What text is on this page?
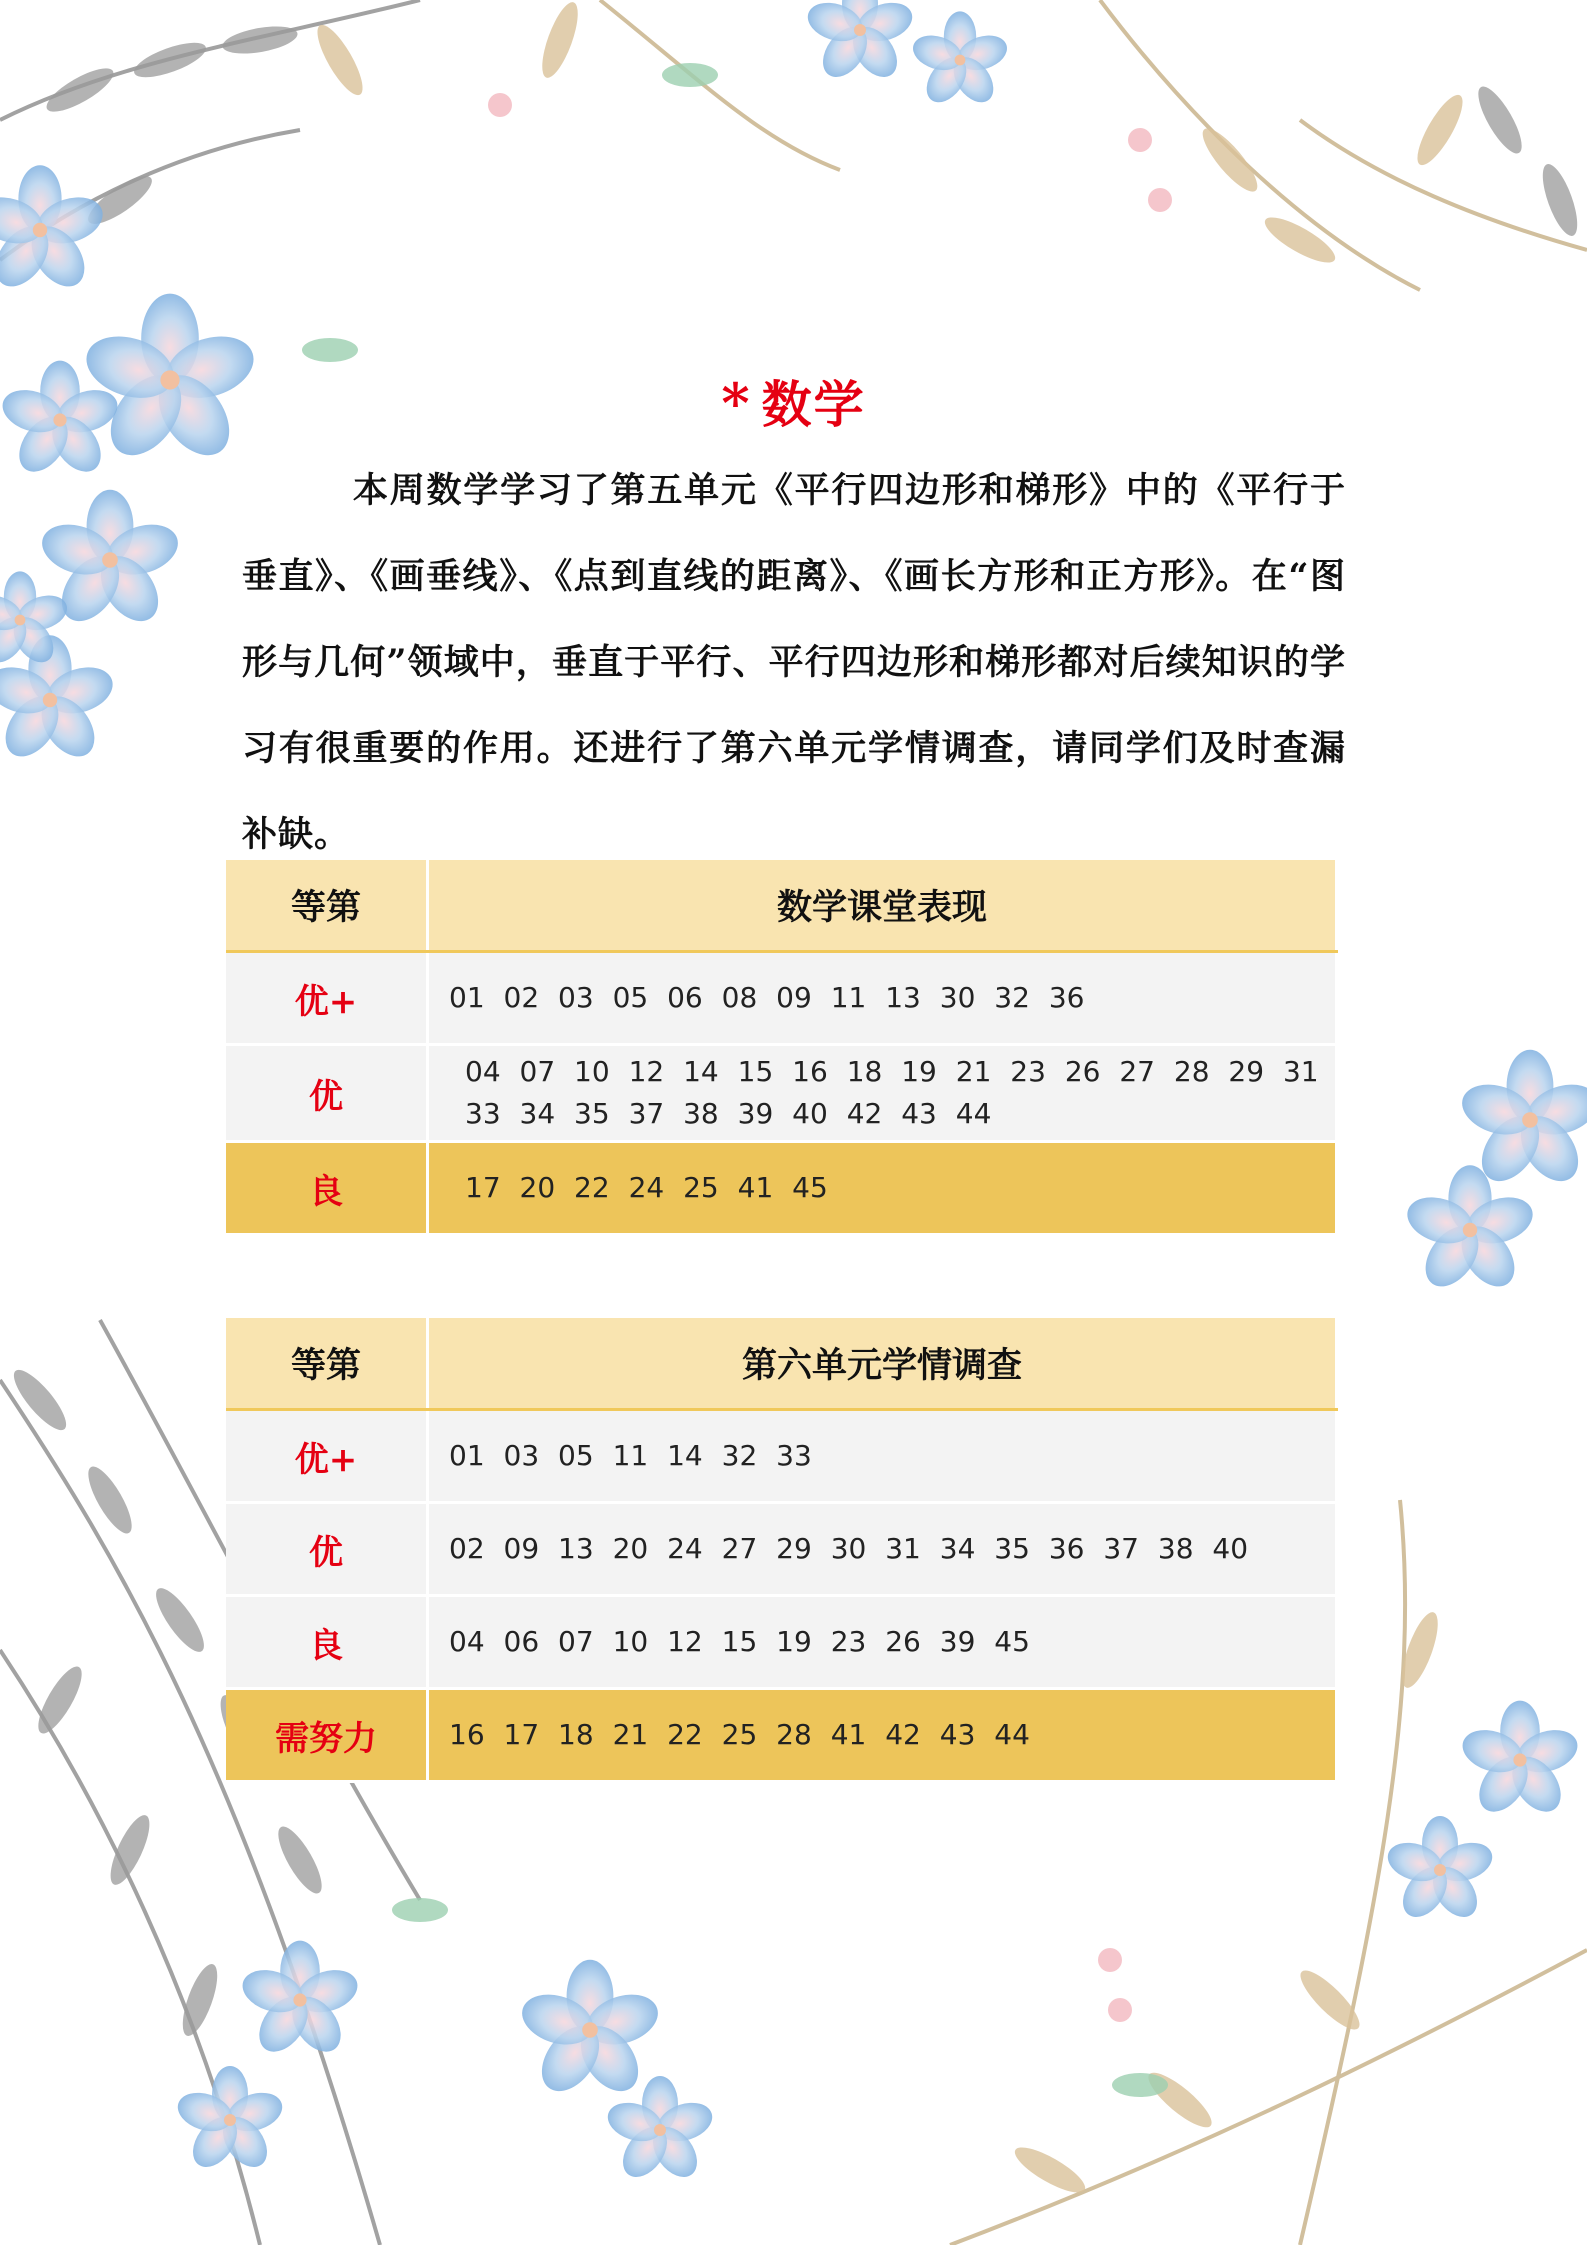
* 数学
本周数学学习了第五单元《平行四边形和梯形》中的《平行于垂直》、《画垂线》、《点到直线的距离》、《画长方形和正方形》。在“图形与几何”领域中，垂直于平行、平行四边形和梯形都对后续知识的学习有很重要的作用。还进行了第六单元学情调查，请同学们及时查漏补缺。
等第	数学课堂表现
优+	01 02 03 05 06 08 09 11 13 30 32 36
优	04 07 10 12 14 15 16 18 19 21 23 26 27 28 29 31 33 34 35 37 38 39 40 42 43 44
良	17 20 22 24 25 41 45
等第	第六单元学情调查
优+	01 03 05 11 14 32 33
优	02 09 13 20 24 27 29 30 31 34 35 36 37 38 40
良	04 06 07 10 12 15 19 23 26 39 45
需努力	16 17 18 21 22 25 28 41 42 43 44
